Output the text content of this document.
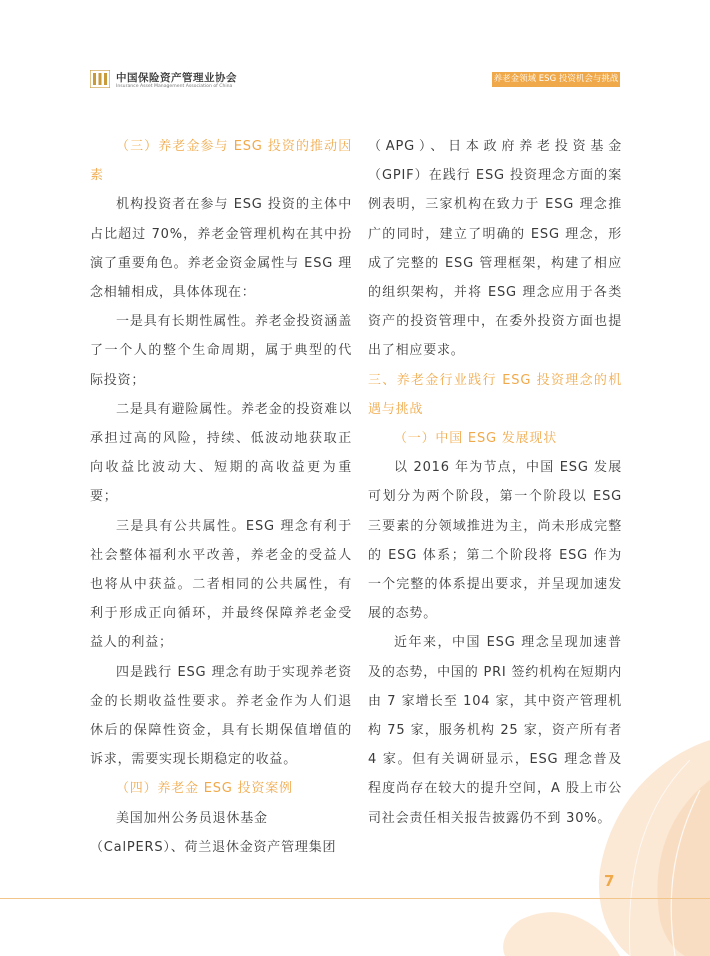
中国保险资产管理业协会
Insurance Asset Management Association of China
养老金领域 ESG 投资机会与挑战

（三）养老金参与 ESG 投资的推动因素

机构投资者在参与 ESG 投资的主体中占比超过 70%，养老金管理机构在其中扮演了重要角色。养老金资金属性与 ESG 理念相辅相成，具体体现在：

一是具有长期性属性。养老金投资涵盖了一个人的整个生命周期，属于典型的代际投资；

二是具有避险属性。养老金的投资难以承担过高的风险，持续、低波动地获取正向收益比波动大、短期的高收益更为重要；

三是具有公共属性。ESG 理念有利于社会整体福利水平改善，养老金的受益人也将从中获益。二者相同的公共属性，有利于形成正向循环，并最终保障养老金受益人的利益；

四是践行 ESG 理念有助于实现养老资金的长期收益性要求。养老金作为人们退休后的保障性资金，具有长期保值增值的诉求，需要实现长期稳定的收益。

（四）养老金 ESG 投资案例

美国加州公务员退休基金

（CalPERS）、荷兰退休金资产管理集团

（APG）、日本政府养老投资基金（GPIF）在践行 ESG 投资理念方面的案例表明，三家机构在致力于 ESG 理念推广的同时，建立了明确的 ESG 理念，形成了完整的 ESG 管理框架，构建了相应的组织架构，并将 ESG 理念应用于各类资产的投资管理中，在委外投资方面也提出了相应要求。

三、养老金行业践行 ESG 投资理念的机遇与挑战

（一）中国 ESG 发展现状

以 2016 年为节点，中国 ESG 发展可划分为两个阶段，第一个阶段以 ESG 三要素的分领域推进为主，尚未形成完整的 ESG 体系；第二个阶段将 ESG 作为一个完整的体系提出要求，并呈现加速发展的态势。

近年来，中国 ESG 理念呈现加速普及的态势，中国的 PRI 签约机构在短期内由 7 家增长至 104 家，其中资产管理机构 75 家，服务机构 25 家，资产所有者 4 家。但有关调研显示，ESG 理念普及程度尚存在较大的提升空间，A 股上市公司社会责任相关报告披露仍不到 30%。

7
